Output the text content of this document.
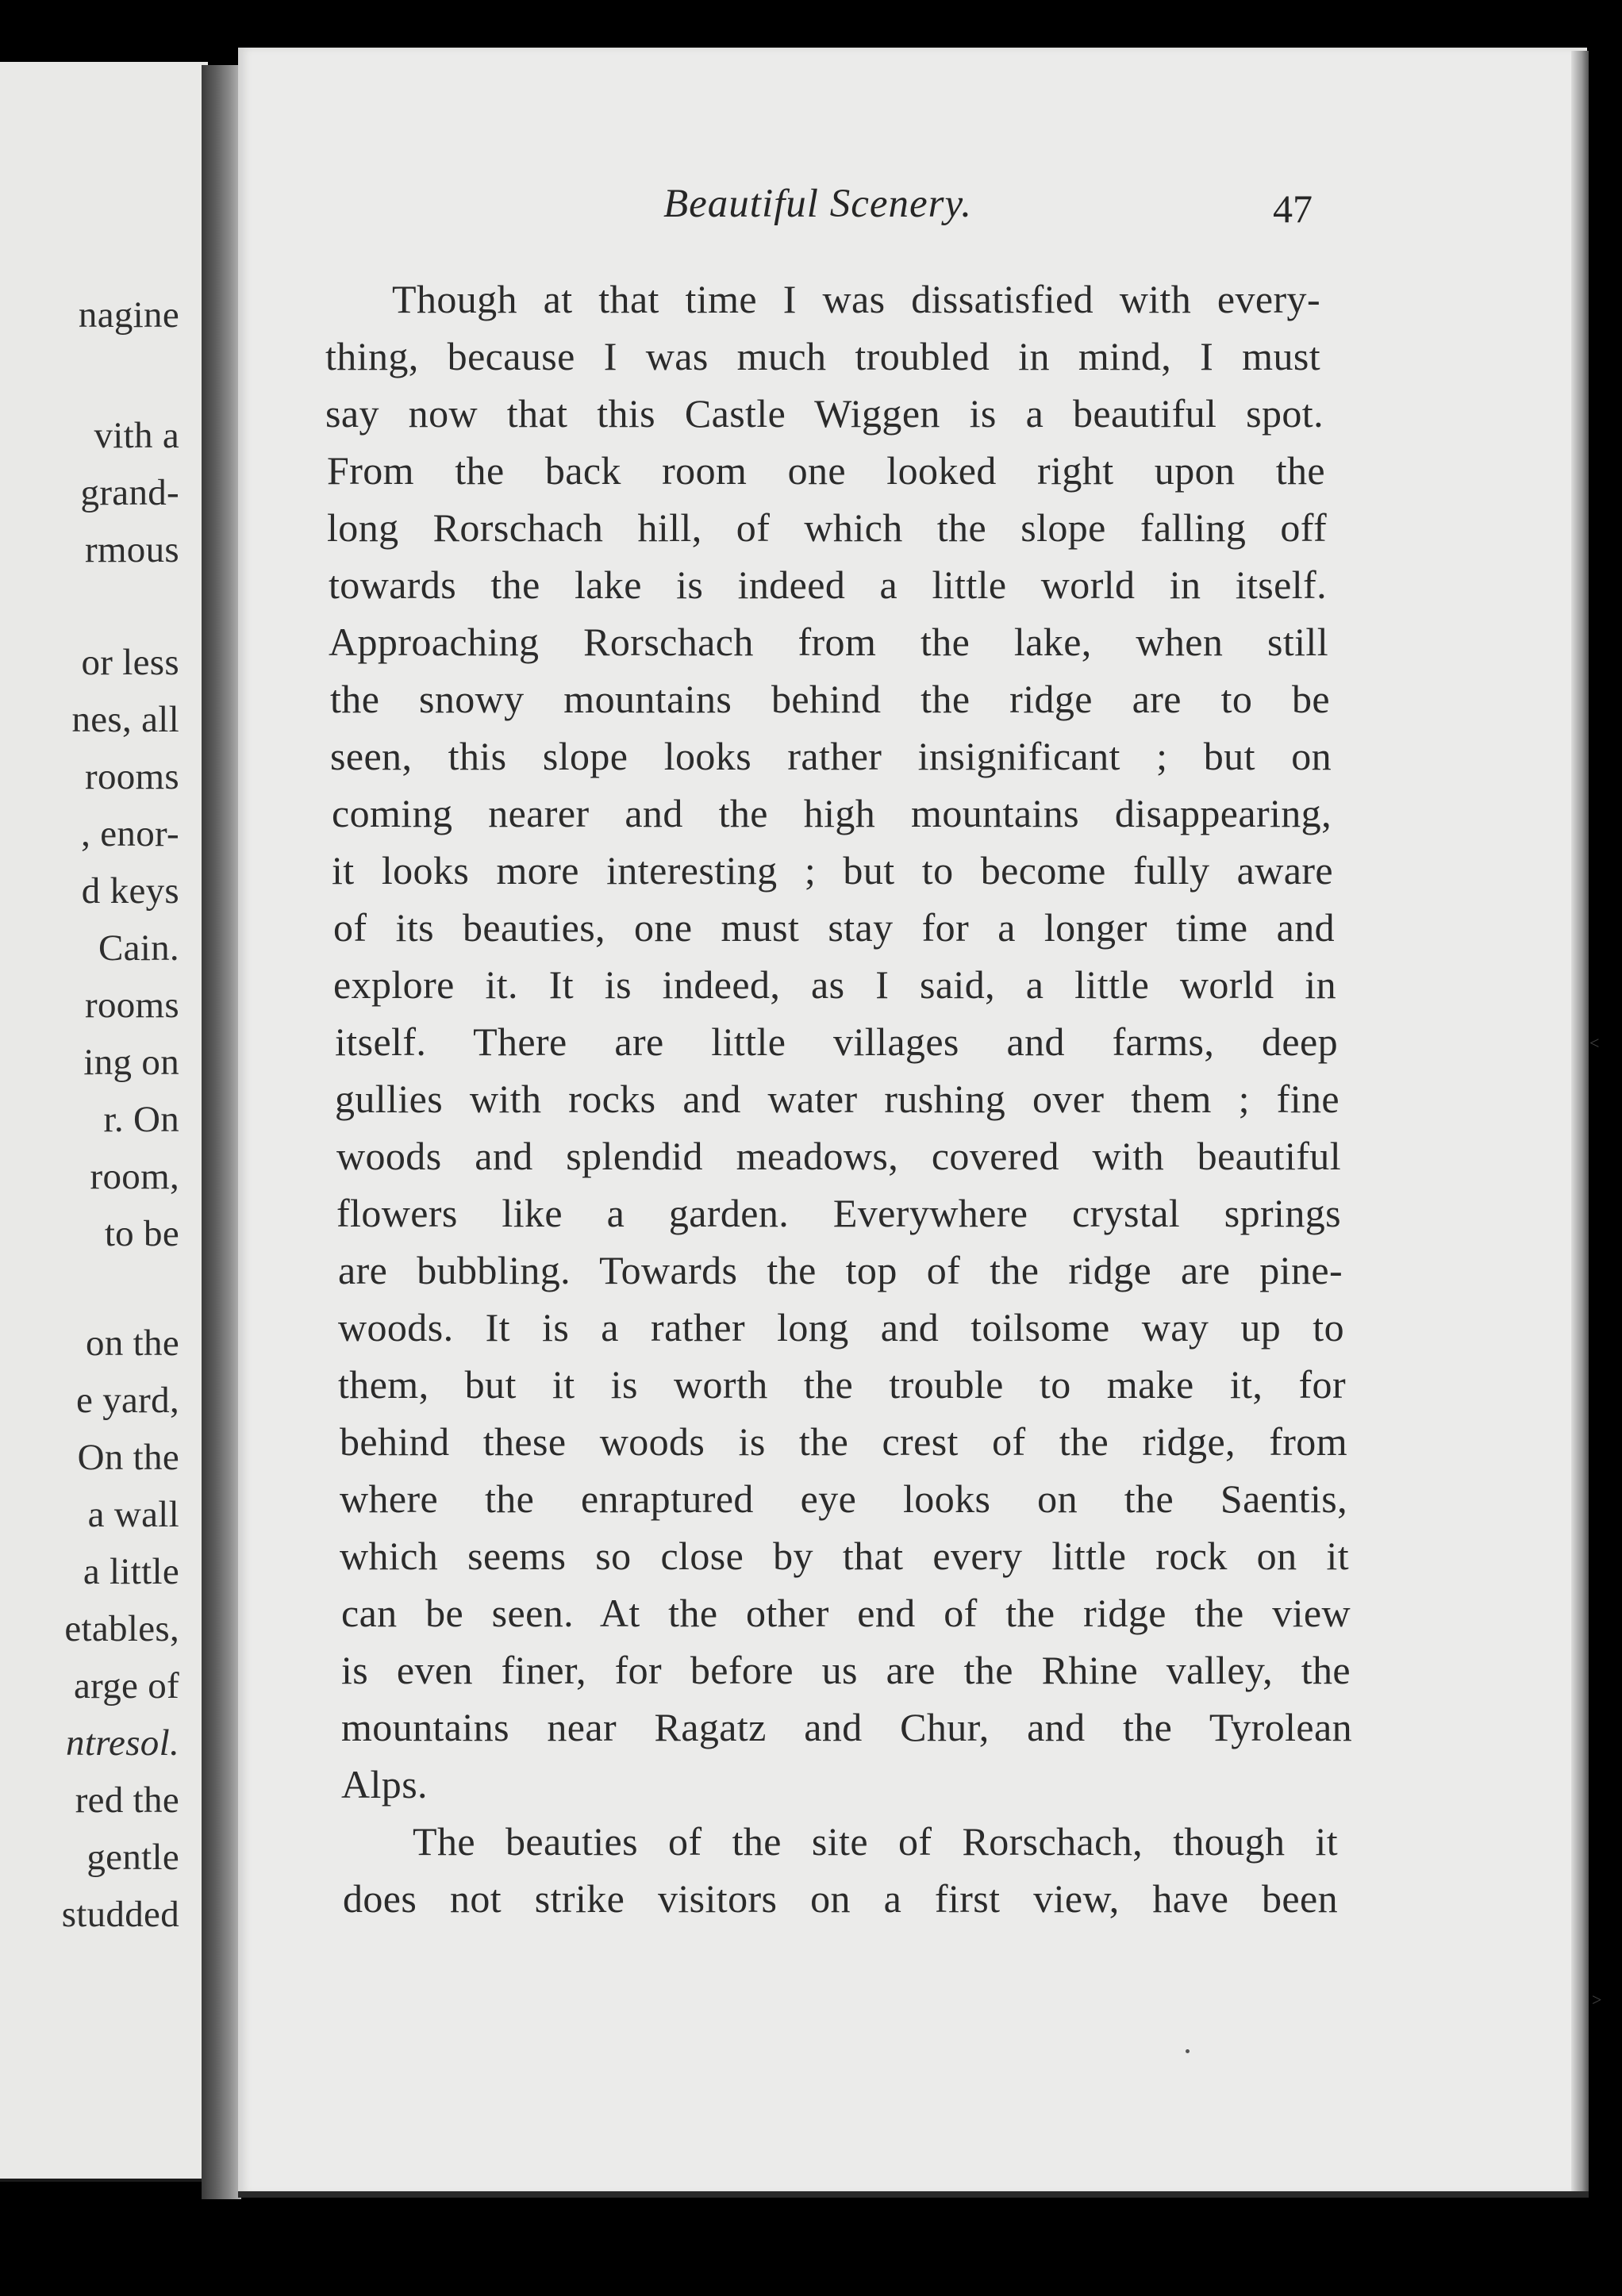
nagine
vith a
grand-
rmous
or less
nes, all
rooms
, enor-
d keys
Cain.
rooms
ing on
r. On
room,
to be
on the
e yard,
On the
a wall
a little
etables,
arge of
ntresol.
red the
gentle
studded
Beautiful Scenery.	47
Though at that time I was dissatisfied with every-
thing, because I was much troubled in mind, I must
say now that this Castle Wiggen is a beautiful spot.
From the back room one looked right upon the
long Rorschach hill, of which the slope falling off
towards the lake is indeed a little world in itself.
Approaching Rorschach from the lake, when still
the snowy mountains behind the ridge are to be
seen, this slope looks rather insignificant ; but on
coming nearer and the high mountains disappearing,
it looks more interesting ; but to become fully aware
of its beauties, one must stay for a longer time and
explore it. It is indeed, as I said, a little world in
itself. There are little villages and farms, deep
gullies with rocks and water rushing over them ; fine
woods and splendid meadows, covered with beautiful
flowers like a garden. Everywhere crystal springs
are bubbling. Towards the top of the ridge are pine-
woods. It is a rather long and toilsome way up to
them, but it is worth the trouble to make it, for
behind these woods is the crest of the ridge, from
where the enraptured eye looks on the Saentis,
which seems so close by that every little rock on it
can be seen. At the other end of the ridge the view
is even finer, for before us are the Rhine valley, the
mountains near Ragatz and Chur, and the Tyrolean
Alps.
The beauties of the site of Rorschach, though it
does not strike visitors on a first view, have been
<
>
